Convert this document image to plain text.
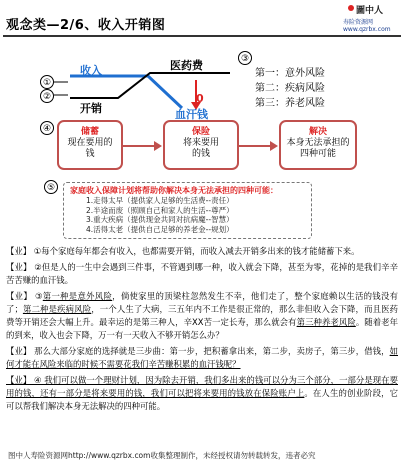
观念类—2/6、收入开销图
圖中人
寿险资源网 www.qzrbx.com
①
②
③
④
⑤
收入
开销
医药费
0
血汗钱
第一：意外风险
第二：疾病风险
第三：养老风险
储蓄
现在要用的钱
保险
将来要用的钱
解决
本身无法承担的四种可能
家庭收入保障计划将帮助你解决本身无法承担的四种可能：
1.走得太早（提供家人足够的生活费--责任）
2.半途而废（照顾自己和家人的生活--尊严）
3.重大疾病（提供现金共同对抗病魔--智慧）
4.活得太老（提供自己足够的养老金--规划）

【业】 ①每个家庭每年都会有收入，也都需要开销，而收入减去开销多出来的钱才能储蓄下来。

【业】 ②但是人的一生中会遇到三件事，不管遇到哪一种，收入就会下降，甚至为零，花掉的是我们辛辛苦苦赚的血汗钱。

【业】 ③第一种是意外风险，倘使家里的顶梁柱忽然发生不幸，他们走了，整个家庭赖以生活的钱没有了；第二种是疾病风险，一个人生了大病，三五年内不工作是很正常的，那么非但收入会下降，而且医药费等开销还会大幅上升。最幸运的是第三种人，辛XX苦一定长寿，那么就会有第三种养老风险。随着老年的到来，收入也会下降，万一有一天收入不够开销怎么办？

【业】 那么大部分家庭的选择就是三步曲：第一步，把积蓄拿出来，第二步，卖房子，第三步，借钱，如何才能在风险来临的时候不需要花我们辛苦赚积累的血汗钱呢？

【业】 ④ 我们可以做一个理财计划，因为除去开销，我们多出来的钱可以分为三个部分，一部分是现在要用的钱，还有一部分是将来要用的钱，我们可以把将来要用的钱放在保险账户上。在人生的创业阶段，它可以帮我们解决本身无法解决的四种可能。

图中人寿险资源网http://www.qzrbx.com收集整理制作，未经授权请勿转载转发，违者必究
